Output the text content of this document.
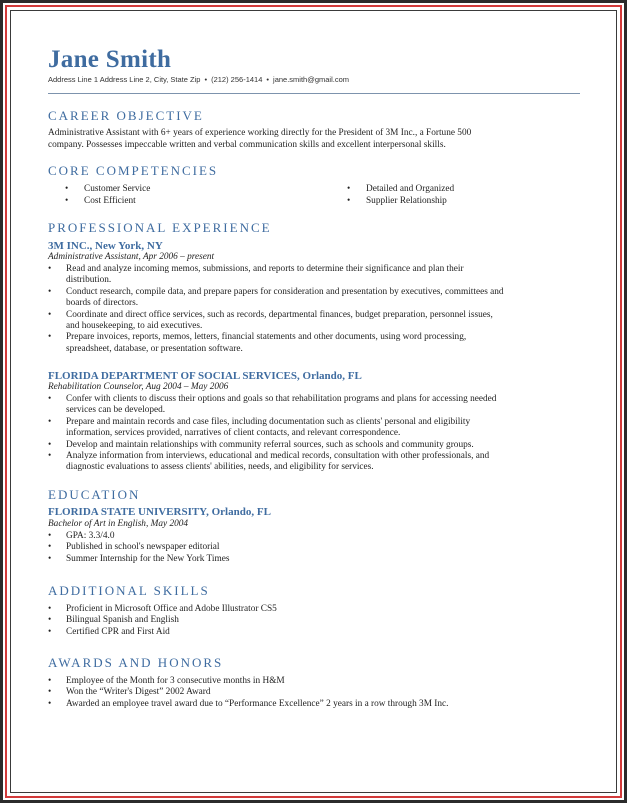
Jane Smith
Address Line 1 Address Line 2, City, State Zip • (212) 256-1414 • jane.smith@gmail.com
CAREER OBJECTIVE
Administrative Assistant with 6+ years of experience working directly for the President of 3M Inc., a Fortune 500
company. Possesses impeccable written and verbal communication skills and excellent interpersonal skills.
CORE COMPETENCIES
• Customer Service
• Cost Efficient
• Detailed and Organized
• Supplier Relationship
PROFESSIONAL EXPERIENCE
3M INC., New York, NY
Administrative Assistant, Apr 2006 – present
• Read and analyze incoming memos, submissions, and reports to determine their significance and plan their
distribution.
• Conduct research, compile data, and prepare papers for consideration and presentation by executives, committees and
boards of directors.
• Coordinate and direct office services, such as records, departmental finances, budget preparation, personnel issues,
and housekeeping, to aid executives.
• Prepare invoices, reports, memos, letters, financial statements and other documents, using word processing,
spreadsheet, database, or presentation software.
FLORIDA DEPARTMENT OF SOCIAL SERVICES, Orlando, FL
Rehabilitation Counselor, Aug 2004 – May 2006
• Confer with clients to discuss their options and goals so that rehabilitation programs and plans for accessing needed
services can be developed.
• Prepare and maintain records and case files, including documentation such as clients' personal and eligibility
information, services provided, narratives of client contacts, and relevant correspondence.
• Develop and maintain relationships with community referral sources, such as schools and community groups.
• Analyze information from interviews, educational and medical records, consultation with other professionals, and
diagnostic evaluations to assess clients' abilities, needs, and eligibility for services.
EDUCATION
FLORIDA STATE UNIVERSITY, Orlando, FL
Bachelor of Art in English, May 2004
• GPA: 3.3/4.0
• Published in school's newspaper editorial
• Summer Internship for the New York Times
ADDITIONAL SKILLS
• Proficient in Microsoft Office and Adobe Illustrator CS5
• Bilingual Spanish and English
• Certified CPR and First Aid
AWARDS AND HONORS
• Employee of the Month for 3 consecutive months in H&M
• Won the “Writer's Digest” 2002 Award
• Awarded an employee travel award due to “Performance Excellence” 2 years in a row through 3M Inc.
